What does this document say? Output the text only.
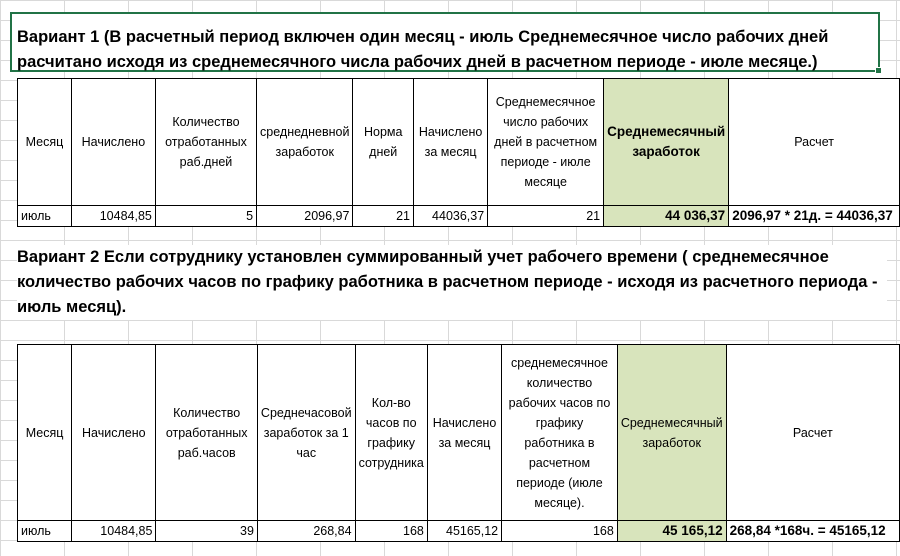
Вариант 1 (В расчетный период включен один месяц - июль Среднемесячное число рабочих дней расчитано исходя из среднемесячного числа рабочих дней в расчетном периоде - июле месяце.)
Месяц	Начислено	Количество отработанных раб.дней	среднедневной заработок	Норма дней	Начислено за месяц	Среднемесячное число рабочих дней в расчетном периоде - июле месяце	Среднемесячный заработок	Расчет
июль	10484,85	5	2096,97	21	44036,37	21	44 036,37	2096,97 * 21д. = 44036,37
Вариант 2 Если сотруднику установлен суммированный учет рабочего времени ( среднемесячное количество рабочих часов по графику работника в расчетном периоде - исходя из расчетного периода - июль месяц).
Месяц	Начислено	Количество отработанных раб.часов	Среднечасовой заработок за 1 час	Кол-во часов по графику сотрудника	Начислено за месяц	среднемесячное количество рабочих часов по графику работника в расчетном периоде (июле месяце).	Среднемесячный заработок	Расчет
июль	10484,85	39	268,84	168	45165,12	168	45 165,12	268,84 *168ч. = 45165,12
